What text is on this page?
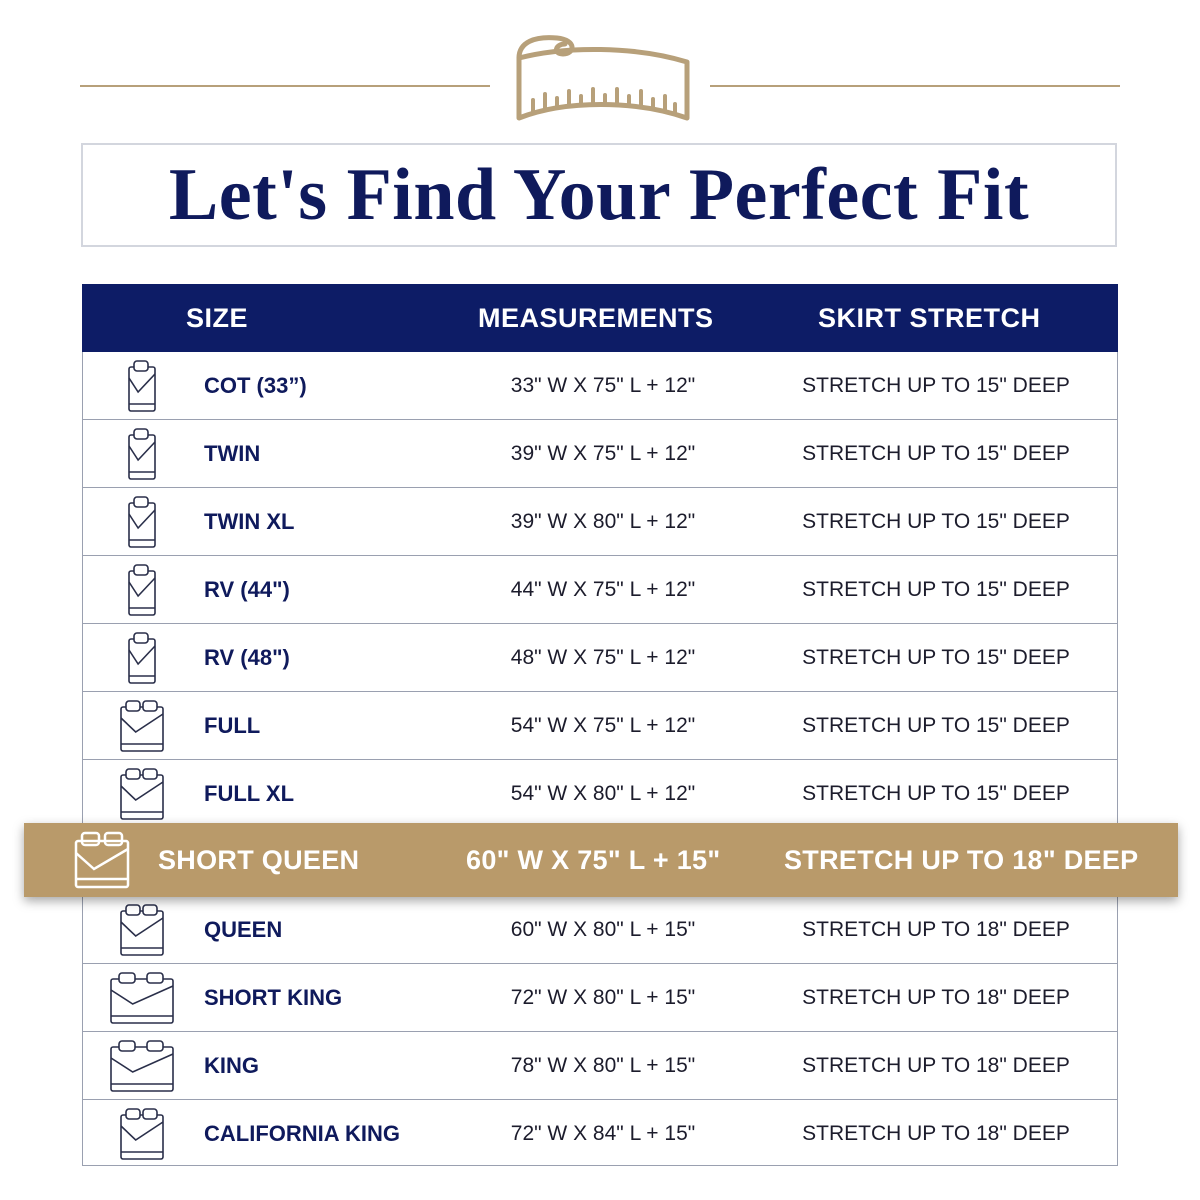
Let's Find Your Perfect Fit
SIZE	MEASUREMENTS	SKIRT STRETCH
COT (33”)	33" W X 75" L + 12"	STRETCH UP TO 15" DEEP
TWIN	39" W X 75" L + 12"	STRETCH UP TO 15" DEEP
TWIN XL	39" W X 80" L + 12"	STRETCH UP TO 15" DEEP
RV (44")	44" W X 75" L + 12"	STRETCH UP TO 15" DEEP
RV (48")	48" W X 75" L + 12"	STRETCH UP TO 15" DEEP
FULL	54" W X 75" L + 12"	STRETCH UP TO 15" DEEP
FULL XL	54" W X 80" L + 12"	STRETCH UP TO 15" DEEP
QUEEN	60" W X 80" L + 15"	STRETCH UP TO 18" DEEP
SHORT KING	72" W X 80" L + 15"	STRETCH UP TO 18" DEEP
KING	78" W X 80" L + 15"	STRETCH UP TO 18" DEEP
CALIFORNIA KING	72" W X 84" L + 15"	STRETCH UP TO 18" DEEP
SHORT QUEEN	60" W X 75" L + 15" STRETCH UP TO 18" DEEP
